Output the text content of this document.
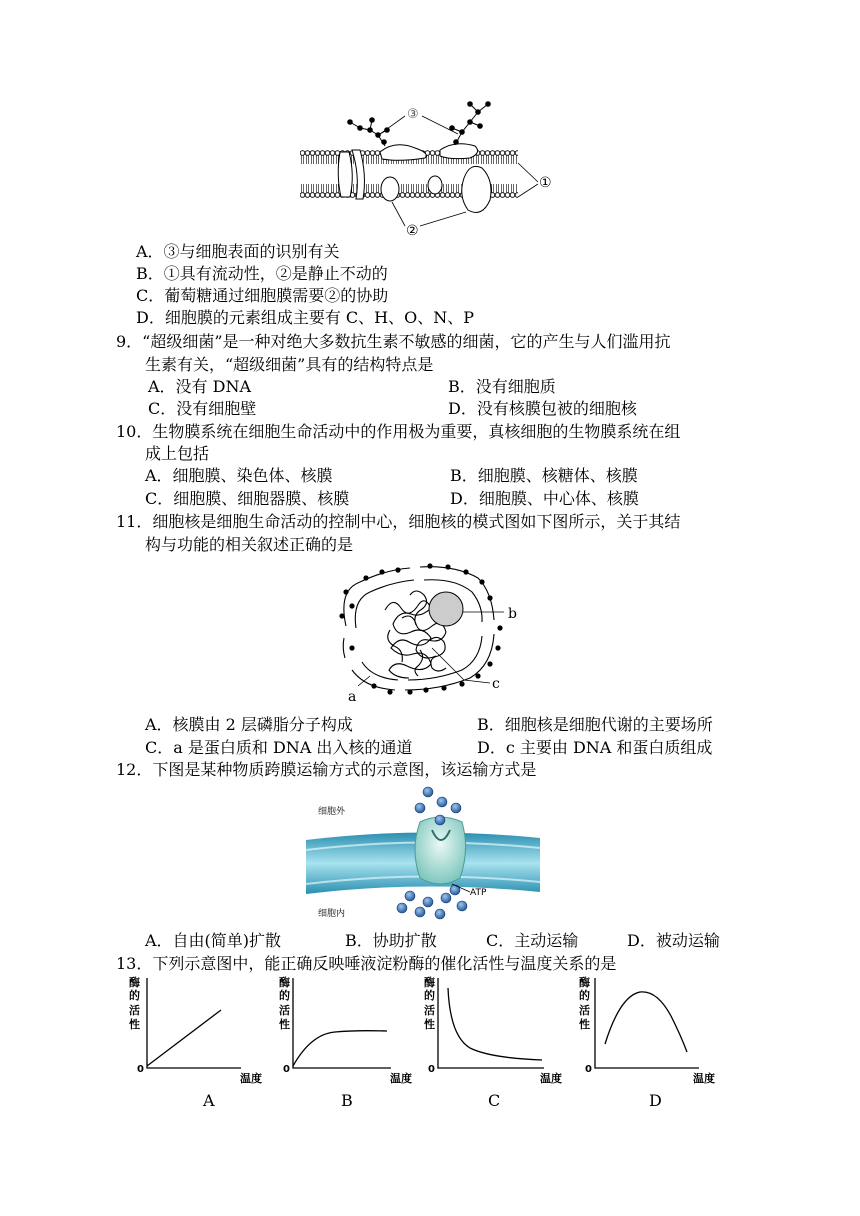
③
①
②
A．③与细胞表面的识别有关
B．①具有流动性，②是静止不动的
C．葡萄糖通过细胞膜需要②的协助
D．细胞膜的元素组成主要有 C、H、O、N、P
9．“超级细菌”是一种对绝大多数抗生素不敏感的细菌，它的产生与人们滥用抗
生素有关，“超级细菌”具有的结构特点是
A．没有 DNA	B．没有细胞质
C．没有细胞壁	D．没有核膜包被的细胞核
10．生物膜系统在细胞生命活动中的作用极为重要，真核细胞的生物膜系统在组
成上包括
A．细胞膜、染色体、核膜	B．细胞膜、核糖体、核膜
C．细胞膜、细胞器膜、核膜	D．细胞膜、中心体、核膜
11．细胞核是细胞生命活动的控制中心，细胞核的模式图如下图所示，关于其结
构与功能的相关叙述正确的是
b
c
a
A．核膜由 2 层磷脂分子构成	B．细胞核是细胞代谢的主要场所
C．a 是蛋白质和 DNA 出入核的通道	D．c 主要由 DNA 和蛋白质组成
12．下图是某种物质跨膜运输方式的示意图，该运输方式是
细胞外
细胞内
ATP
A．自由(简单)扩散	B．协助扩散	C．主动运输	D．被动运输
13．下列示意图中，能正确反映唾液淀粉酶的催化活性与温度关系的是
酶
的
活
性
0
温度
A
酶
的
活
性
0
温度
B
酶
的
活
性
0
温度
C
酶
的
活
性
0
温度
D
